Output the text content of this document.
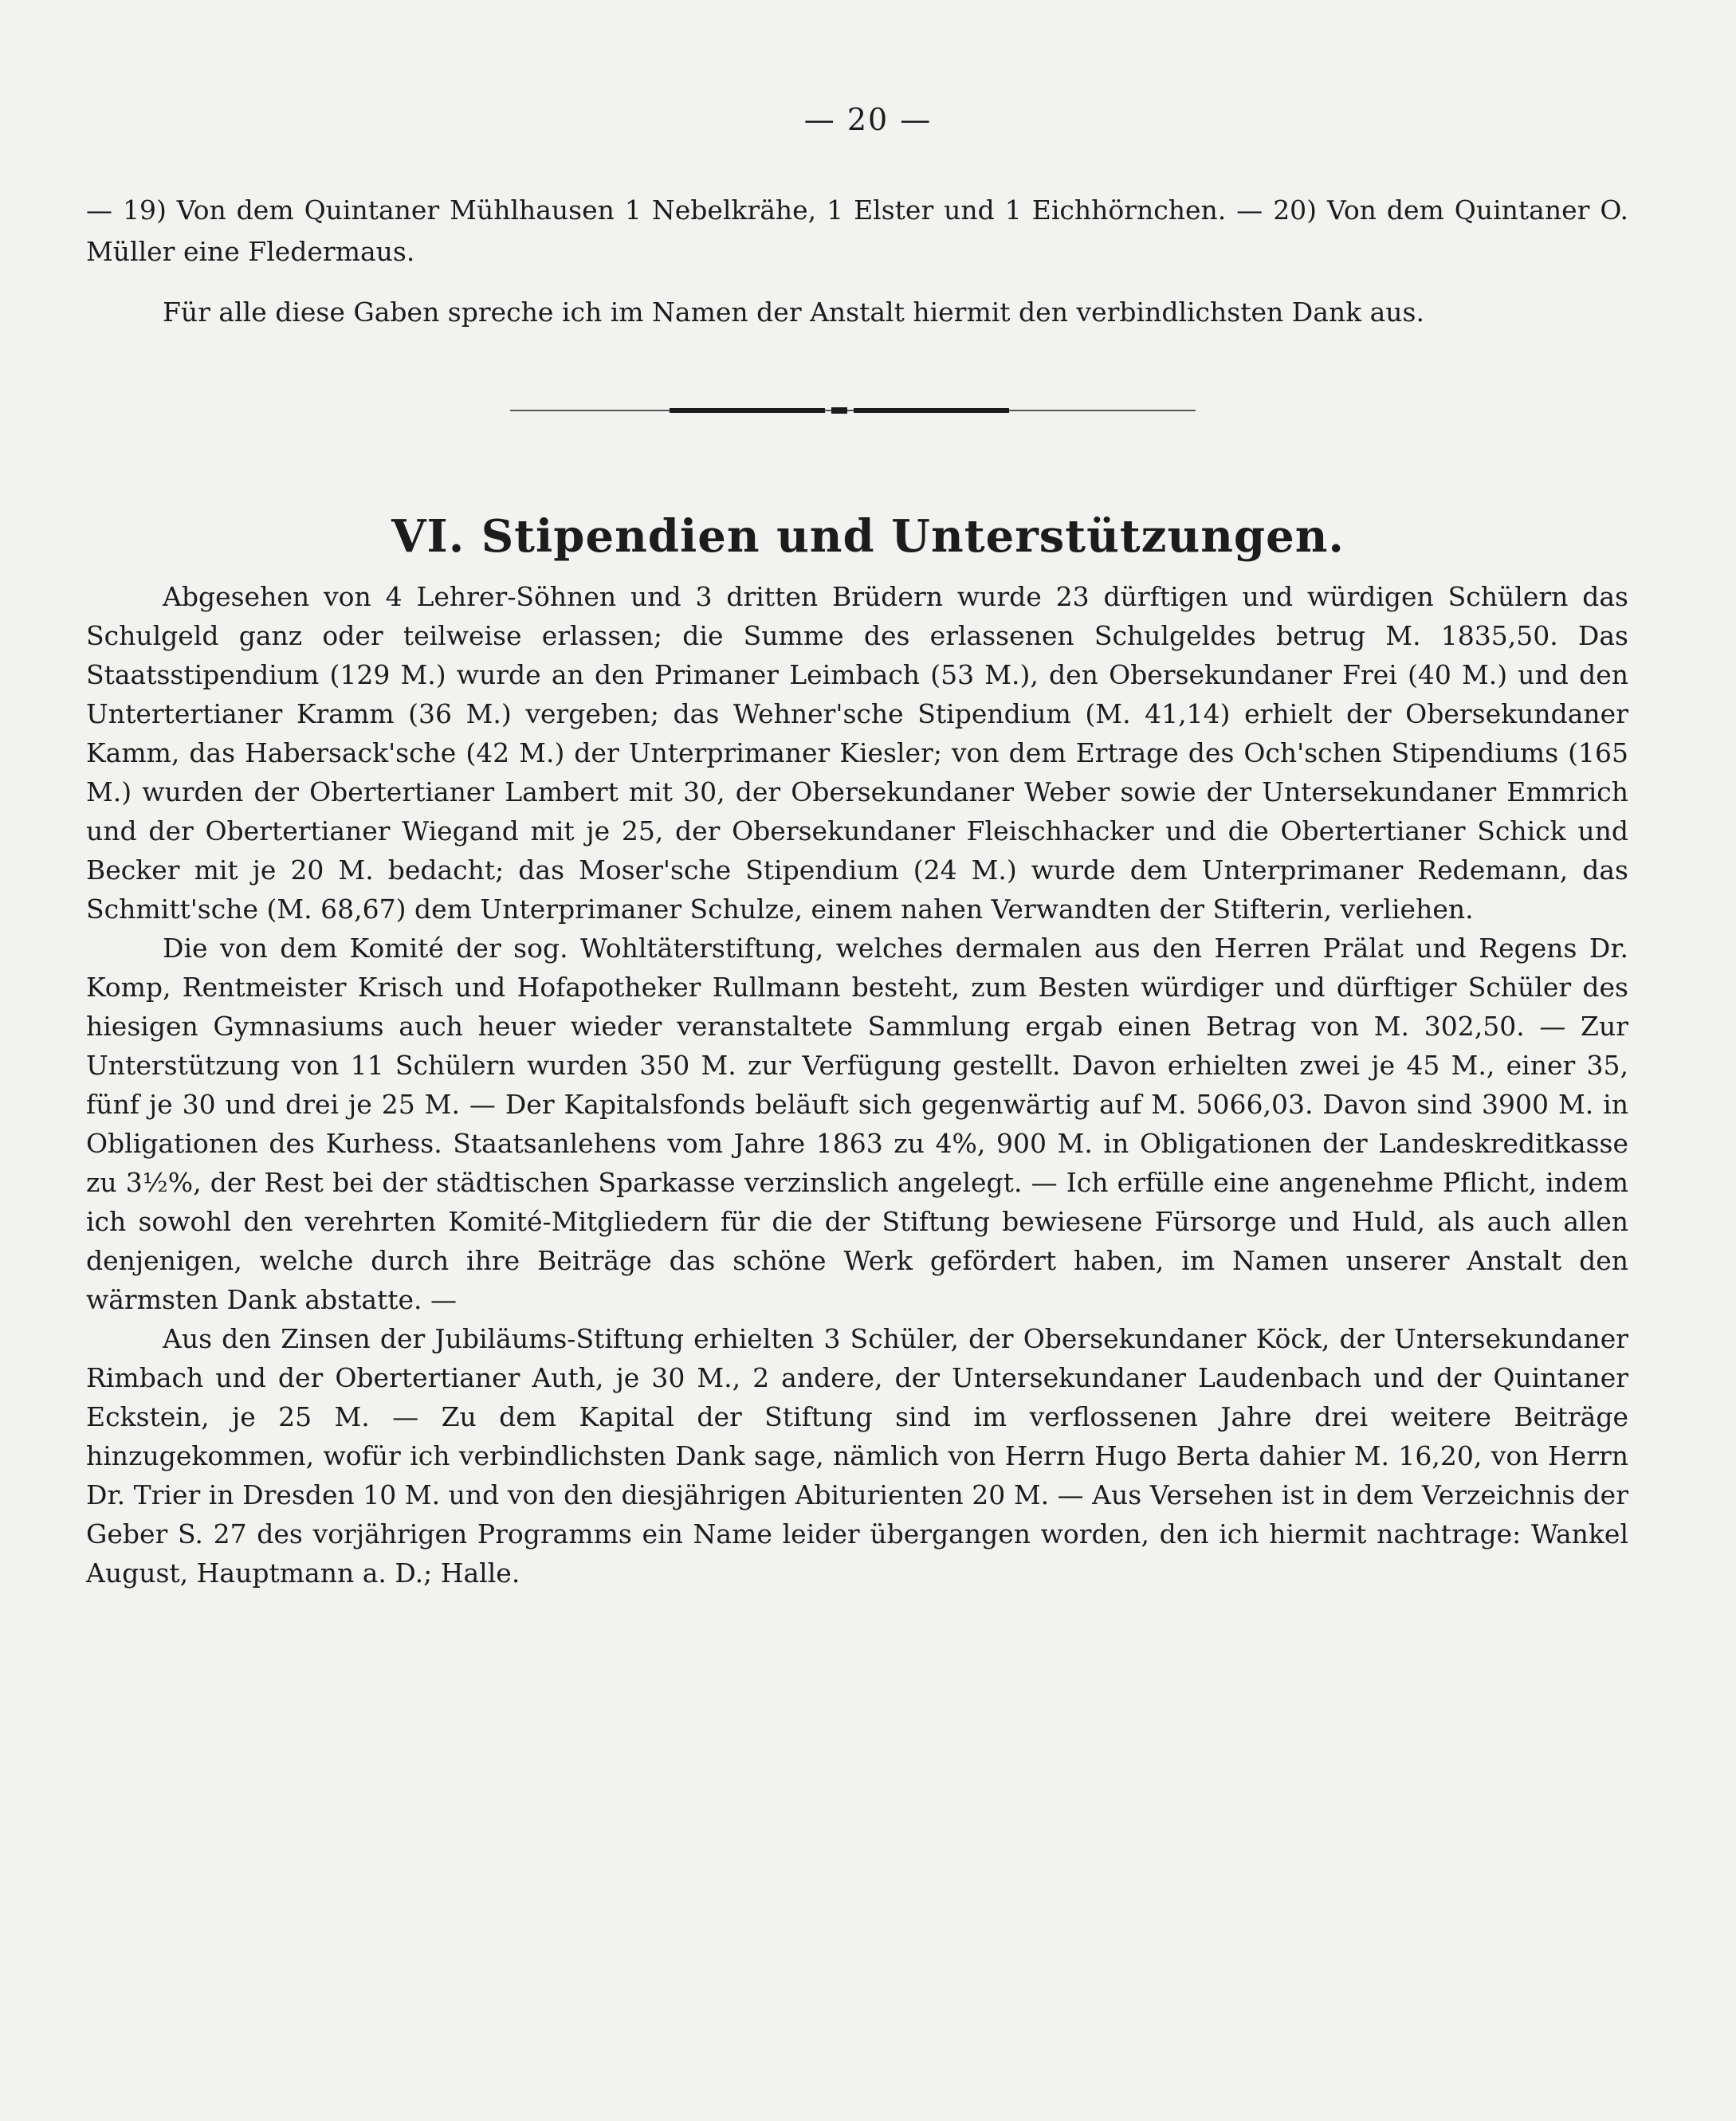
— 20 —

— 19) Von dem Quintaner Mühlhausen 1 Nebelkrähe, 1 Elster und 1 Eichhörnchen. — 20) Von dem Quintaner O. Müller eine Fledermaus.

Für alle diese Gaben spreche ich im Namen der Anstalt hiermit den verbindlichsten Dank aus.

VI. Stipendien und Unterstützungen.

Abgesehen von 4 Lehrer-Söhnen und 3 dritten Brüdern wurde 23 dürftigen und würdigen Schülern das Schulgeld ganz oder teilweise erlassen; die Summe des erlassenen Schulgeldes betrug M. 1835,50. Das Staatsstipendium (129 M.) wurde an den Primaner Leimbach (53 M.), den Obersekundaner Frei (40 M.) und den Untertertianer Kramm (36 M.) vergeben; das Wehner'sche Stipendium (M. 41,14) erhielt der Obersekundaner Kamm, das Habersack'sche (42 M.) der Unterprimaner Kiesler; von dem Ertrage des Och'schen Stipendiums (165 M.) wurden der Obertertianer Lambert mit 30, der Obersekundaner Weber sowie der Untersekundaner Emmrich und der Obertertianer Wiegand mit je 25, der Obersekundaner Fleischhacker und die Obertertianer Schick und Becker mit je 20 M. bedacht; das Moser'sche Stipendium (24 M.) wurde dem Unterprimaner Redemann, das Schmitt'sche (M. 68,67) dem Unterprimaner Schulze, einem nahen Verwandten der Stifterin, verliehen.

Die von dem Komité der sog. Wohltäterstiftung, welches dermalen aus den Herren Prälat und Regens Dr. Komp, Rentmeister Krisch und Hofapotheker Rullmann besteht, zum Besten würdiger und dürftiger Schüler des hiesigen Gymnasiums auch heuer wieder veranstaltete Sammlung ergab einen Betrag von M. 302,50. — Zur Unterstützung von 11 Schülern wurden 350 M. zur Verfügung gestellt. Davon erhielten zwei je 45 M., einer 35, fünf je 30 und drei je 25 M. — Der Kapitalsfonds beläuft sich gegenwärtig auf M. 5066,03. Davon sind 3900 M. in Obligationen des Kurhess. Staatsanlehens vom Jahre 1863 zu 4%, 900 M. in Obligationen der Landeskreditkasse zu 3½%, der Rest bei der städtischen Sparkasse verzinslich angelegt. — Ich erfülle eine angenehme Pflicht, indem ich sowohl den verehrten Komité-Mitgliedern für die der Stiftung bewiesene Fürsorge und Huld, als auch allen denjenigen, welche durch ihre Beiträge das schöne Werk gefördert haben, im Namen unserer Anstalt den wärmsten Dank abstatte. —

Aus den Zinsen der Jubiläums-Stiftung erhielten 3 Schüler, der Obersekundaner Köck, der Untersekundaner Rimbach und der Obertertianer Auth, je 30 M., 2 andere, der Untersekundaner Laudenbach und der Quintaner Eckstein, je 25 M. — Zu dem Kapital der Stiftung sind im verflossenen Jahre drei weitere Beiträge hinzugekommen, wofür ich verbindlichsten Dank sage, nämlich von Herrn Hugo Berta dahier M. 16,20, von Herrn Dr. Trier in Dresden 10 M. und von den diesjährigen Abiturienten 20 M. — Aus Versehen ist in dem Verzeichnis der Geber S. 27 des vorjährigen Programms ein Name leider übergangen worden, den ich hiermit nachtrage: Wankel August, Hauptmann a. D.; Halle.
